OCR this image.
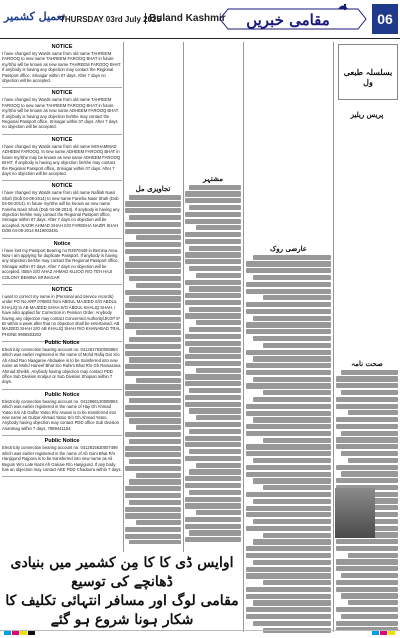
تعمیل کشمیر
THURSDAY 03rd July 2025
Buland Kashmir	مقامی خبریں	06
NOTICE
I have changed my Wards name from old name TAHREEM FAROOQ to new name TAHREEM FAROOQ BHAT in future my/Sho will be known as new name TAHREEM FAROOQ BHAT. If anybody is having any objection may contact the Regional Passport office, Srinagar within 07 days. After 7 days no objection will be accepted.
NOTICE
I have changed my Wards name from old name TAHREEM FAROOQ to new name TAHREEM FAROOQ BHAT in future my/Sho will be known as new name ADHEEM FAROOQ BHAT. If anybody is having any objection he/she may contact the Regional Passport office, Srinagar within 07 days. After 7 days no objection will be accepted.
NOTICE
I have changed my Wards name from old name MOHAMMAD ADHEEM FAROOQ. In new name ADHEEM FAROOQ BHAT in future my/She may be known as new name ADHEEM FAROOQ BHAT. If anybody is having any objection he/she may contact the Regional Passport office, Srinagar within 07 days. After 7 days no objection will be accepted.
NOTICE
I have changed my Wards name from old name Nafilah Nasir Shah (Dob 04-08-2014) to new name Farieha Nasir Shah (Dob 04-08-2014). In future my/She will be known as new name Farieha Nasir Shah (Dob 04-08-2014). If anybody is having any objection he/she may contact the Regional Passport office, Srinagar within 07 days. After 7 days no objection will be accepted. NAZIR AHMAD SHAH S/O FAREEHA NAZIR SHAH DOB 04-08-2014 9419003481
Notice
I have lost my Passport Bearing no R3970449 in Bemina Area. Now I am applying for duplicate Passport. If anybody is having any objection he/she may contact the Regional Passport office, Srinagar within 07 days. After 7 days no objection will be accepted. ISBIA S/O AHAZ AHMAD KUJOO R/O TEH HAJI COLONY BEMINA SRINAGAR
NOTICE
I want to correct my name in (Personal and Service records) under PO No.ARP 076803 from ABDUL MAJEED S/O ABDUL KHALIQ to AB MAJEED SHAH S/O ABDUL KHALIQ SHAH. I have also applied for Correction in Pension Order. Anybody having any objection may contact Concerned Authority/JKGP 5* Br within a week after that no objection shall be entertained. AB MAJEED SHAH S/O AB KHALIQ SHAH R/O KHANABAD TRAL PHONE 9906503202
Public Notice
Electricity connection bearing account no. 0412817830005863 which was earlier registered in the name of Mohd Rafiq Dar S/o Ab Ahad Rao Naagaree Abdaalee is to be transferred into new name as Mohd Haneef Bhat S/o Rahim Bhat R/o Gh Ramazana Ahmad Sheikh. Anybody having objection may contact PDD office Sub Division Kralpur or Sub Division Shopian within 7 days.
Public Notice
Electricity connection bearing account no. 0412966120008904 which was earlier registered in the name of Haji Gh Ahmad Yatoo S/o Ab Gaffar Yatoo R/o Arwani is to be transferred into new name as Gulzar Ahmad Yatoo S/o Gh Ahmad Yatoo. Anybody having objection may contact PDD office Sub Division Anantnag within 7 days. 7889441154
Public Notice
Electricity connection bearing account no. 0412815630007498 which was earlier registered in the name of Ab Gani Bhat R/o Hanjigund Rajpora is to be transferred into new name as Ali Begum W/o Late Nazir Ah Ganaie R/o Hanjigund. If any body has an objection may contact AEE PDD Chadoora within 7 days.
تجاویزی مل
مشتہر
عارضی روک
پریس ریلیز
صحت نامہ
بسلسلہ طبعی ول
اوایس ڈی کا کا مِن کشمیر میں بنیادی ڈھانچے کی توسیع
مقامی لوگ اور مسافر انتہائی تکلیف کا شکار ہونا شروع ہو گئے
